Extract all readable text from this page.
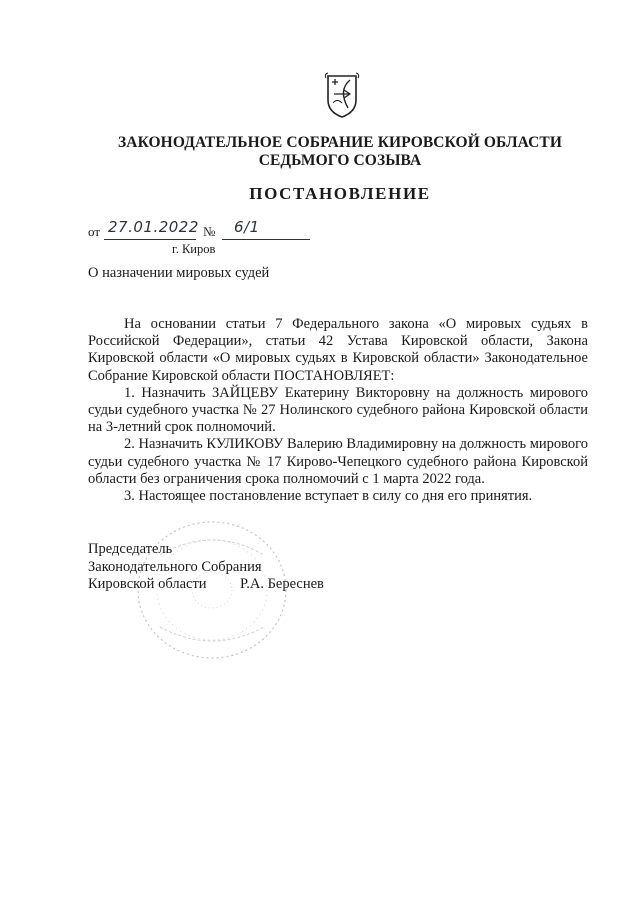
ЗАКОНОДАТЕЛЬНОЕ СОБРАНИЕ КИРОВСКОЙ ОБЛАСТИ
СЕДЬМОГО СОЗЫВА
ПОСТАНОВЛЕНИЕ
от 27.01.2022 № 6/1
г. Киров
О назначении мировых судей

На основании статьи 7 Федерального закона «О мировых судьях в Российской Федерации», статьи 42 Устава Кировской области, Закона Кировской области «О мировых судьях в Кировской области» Законодательное Собрание Кировской области ПОСТАНОВЛЯЕТ:

1. Назначить ЗАЙЦЕВУ Екатерину Викторовну на должность мирового судьи судебного участка № 27 Нолинского судебного района Кировской области на 3-летний срок полномочий.

2. Назначить КУЛИКОВУ Валерию Владимировну на должность мирового судьи судебного участка № 17 Кирово-Чепецкого судебного района Кировской области без ограничения срока полномочий с 1 марта 2022 года.

3. Настоящее постановление вступает в силу со дня его принятия.

Председатель
Законодательного Собрания
Кировской области	Р.А. Береснев
